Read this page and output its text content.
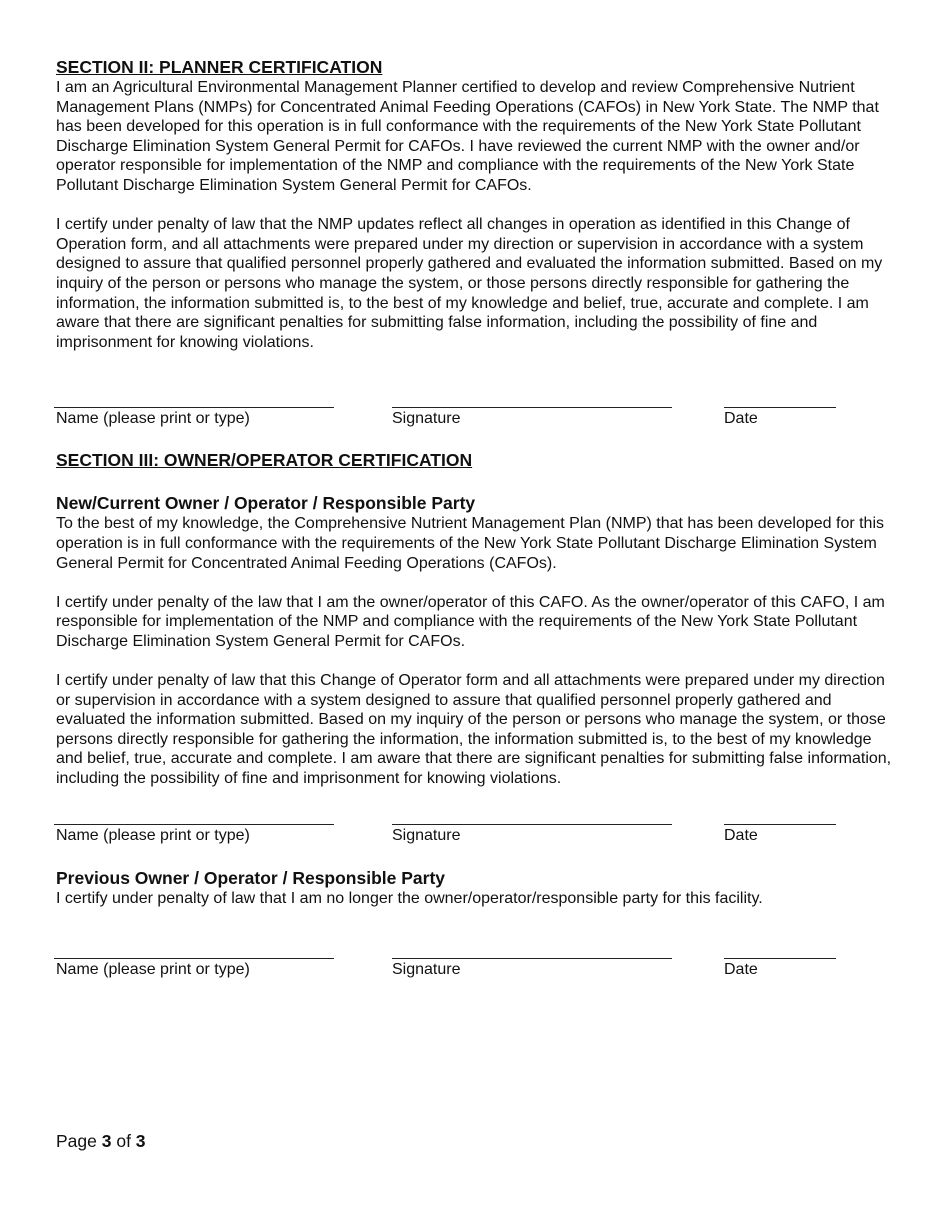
SECTION II: PLANNER CERTIFICATION

I am an Agricultural Environmental Management Planner certified to develop and review Comprehensive Nutrient Management Plans (NMPs) for Concentrated Animal Feeding Operations (CAFOs) in New York State. The NMP that has been developed for this operation is in full conformance with the requirements of the New York State Pollutant Discharge Elimination System General Permit for CAFOs. I have reviewed the current NMP with the owner and/or operator responsible for implementation of the NMP and compliance with the requirements of the New York State Pollutant Discharge Elimination System General Permit for CAFOs.

I certify under penalty of law that the NMP updates reflect all changes in operation as identified in this Change of Operation form, and all attachments were prepared under my direction or supervision in accordance with a system designed to assure that qualified personnel properly gathered and evaluated the information submitted. Based on my inquiry of the person or persons who manage the system, or those persons directly responsible for gathering the information, the information submitted is, to the best of my knowledge and belief, true, accurate and complete. I am aware that there are significant penalties for submitting false information, including the possibility of fine and imprisonment for knowing violations.

Name (please print or type)	Signature	Date
SECTION III: OWNER/OPERATOR CERTIFICATION
New/Current Owner / Operator / Responsible Party

To the best of my knowledge, the Comprehensive Nutrient Management Plan (NMP) that has been developed for this operation is in full conformance with the requirements of the New York State Pollutant Discharge Elimination System General Permit for Concentrated Animal Feeding Operations (CAFOs).

I certify under penalty of the law that I am the owner/operator of this CAFO. As the owner/operator of this CAFO, I am responsible for implementation of the NMP and compliance with the requirements of the New York State Pollutant Discharge Elimination System General Permit for CAFOs.

I certify under penalty of law that this Change of Operator form and all attachments were prepared under my direction or supervision in accordance with a system designed to assure that qualified personnel properly gathered and evaluated the information submitted. Based on my inquiry of the person or persons who manage the system, or those persons directly responsible for gathering the information, the information submitted is, to the best of my knowledge and belief, true, accurate and complete. I am aware that there are significant penalties for submitting false information, including the possibility of fine and imprisonment for knowing violations.

Name (please print or type)	Signature	Date
Previous Owner / Operator / Responsible Party

I certify under penalty of law that I am no longer the owner/operator/responsible party for this facility.

Name (please print or type)	Signature	Date
Page 3 of 3
